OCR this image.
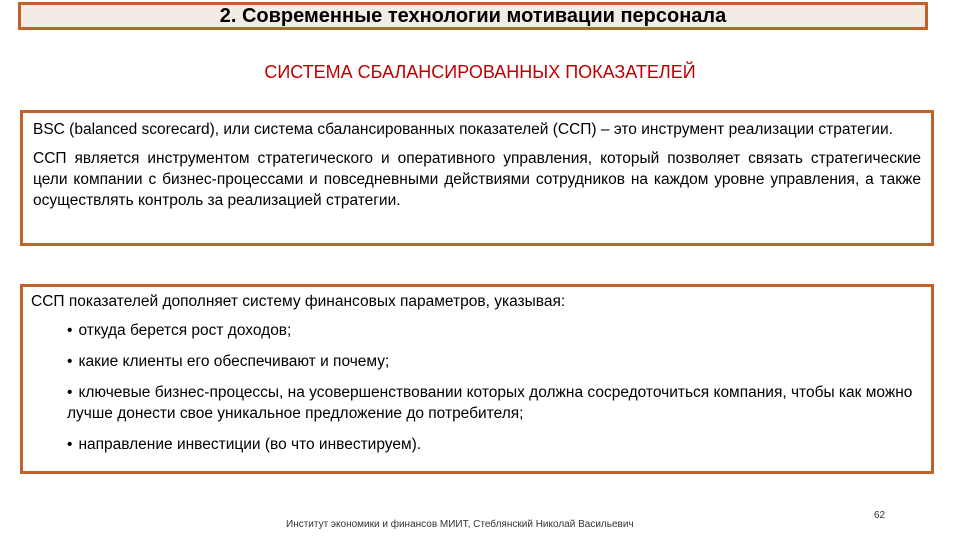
2. Современные технологии мотивации персонала
СИСТЕМА СБАЛАНСИРОВАННЫХ ПОКАЗАТЕЛЕЙ

BSC (balanced scorecard), или система сбалансированных показателей (ССП) – это инструмент реализации стратегии.

ССП является инструментом стратегического и оперативного управления, который позволяет связать стратегические цели компании с бизнес-процессами и повседневными действиями сотрудников на каждом уровне управления, а также осуществлять контроль за реализацией стратегии.

ССП показателей дополняет систему финансовых параметров, указывая:

• откуда берется рост доходов;

• какие клиенты его обеспечивают и почему;

• ключевые бизнес-процессы, на усовершенствовании которых должна сосредоточиться компания, чтобы как можно лучше донести свое уникальное предложение до потребителя;

• направление инвестиции (во что инвестируем).

Институт экономики и финансов МИИТ, Стеблянский Николай Васильевич
62
